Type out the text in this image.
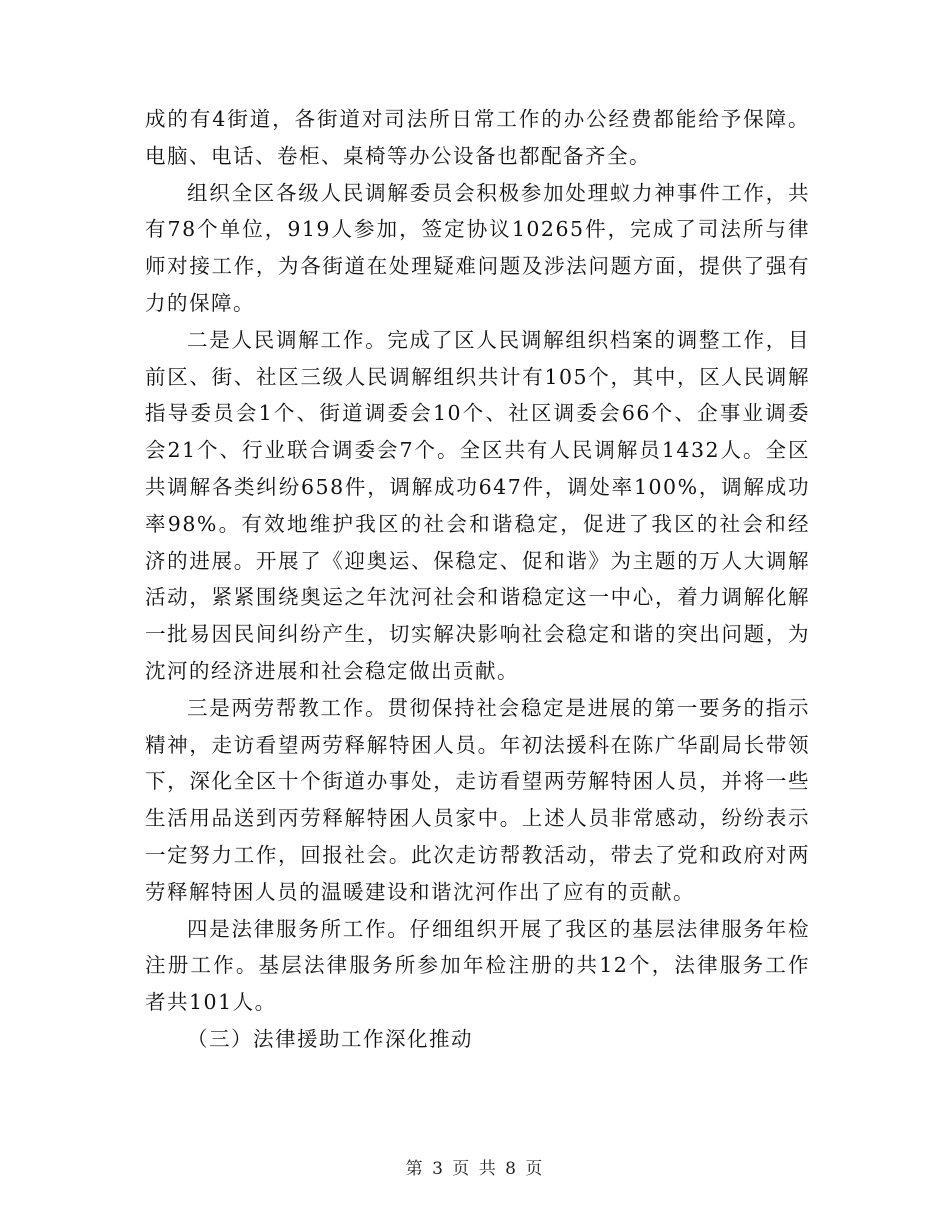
成的有4街道，各街道对司法所日常工作的办公经费都能给予保障。电脑、电话、卷柜、桌椅等办公设备也都配备齐全。

组织全区各级人民调解委员会积极参加处理蚁力神事件工作，共有78个单位，919人参加，签定协议10265件，完成了司法所与律师对接工作，为各街道在处理疑难问题及涉法问题方面，提供了强有力的保障。

二是人民调解工作。完成了区人民调解组织档案的调整工作，目前区、街、社区三级人民调解组织共计有105个，其中，区人民调解指导委员会1个、街道调委会10个、社区调委会66个、企事业调委会21个、行业联合调委会7个。全区共有人民调解员1432人。全区共调解各类纠纷658件，调解成功647件，调处率100%，调解成功率98%。有效地维护我区的社会和谐稳定，促进了我区的社会和经济的进展。开展了《迎奥运、保稳定、促和谐》为主题的万人大调解活动，紧紧围绕奥运之年沈河社会和谐稳定这一中心，着力调解化解一批易因民间纠纷产生，切实解决影响社会稳定和谐的突出问题，为沈河的经济进展和社会稳定做出贡献。

三是两劳帮教工作。贯彻保持社会稳定是进展的第一要务的指示精神，走访看望两劳释解特困人员。年初法援科在陈广华副局长带领下，深化全区十个街道办事处，走访看望两劳解特困人员，并将一些生活用品送到丙劳释解特困人员家中。上述人员非常感动，纷纷表示一定努力工作，回报社会。此次走访帮教活动，带去了党和政府对两劳释解特困人员的温暖建设和谐沈河作出了应有的贡献。

四是法律服务所工作。仔细组织开展了我区的基层法律服务年检注册工作。基层法律服务所参加年检注册的共12个，法律服务工作者共101人。

（三）法律援助工作深化推动

第 3 页 共 8 页
